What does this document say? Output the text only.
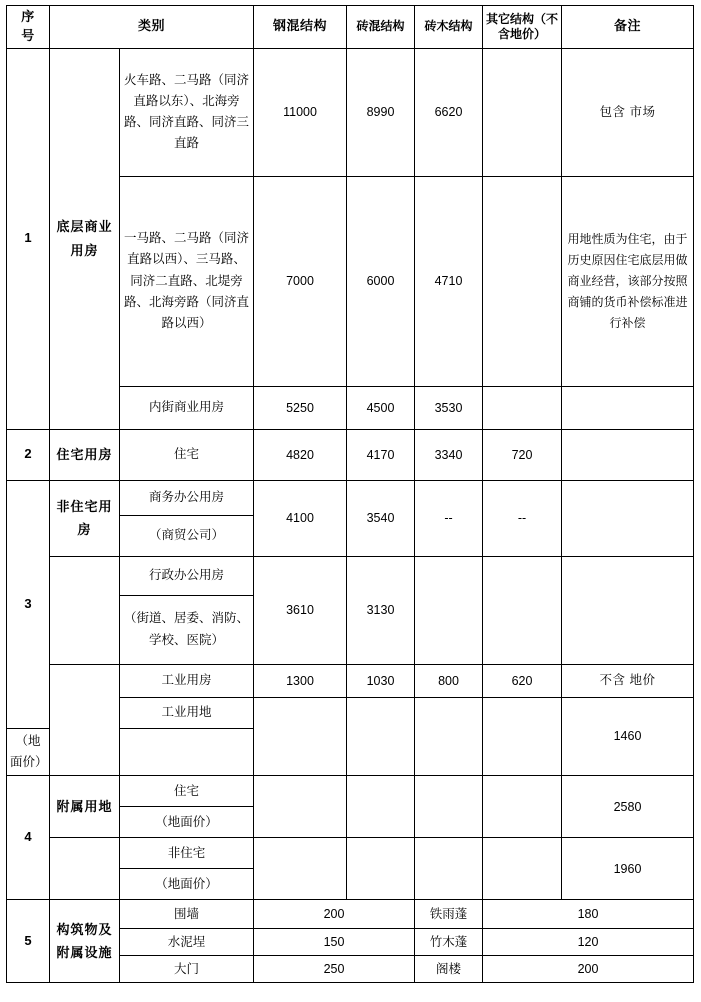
序
号	类别		钢混结构	砖混结构	砖木结构	其它结构（不含地价）	备注
1	底层商业用房	火车路、二马路（同济直路以东）、北海旁路、同济直路、同济三直路	11000	8990	6620		包含 市场
		一马路、二马路（同济直路以西）、三马路、同济二直路、北堤旁路、北海旁路（同济直路以西）	7000	6000	4710		用地性质为住宅，由于历史原因住宅底层用做商业经营，该部分按照商铺的货币补偿标准进行补偿
		内街商业用房	5250	4500	3530		
2	住宅用房	住宅	4820	4170	3340	720	
3	非住宅用房	商务办公用房	4100	3540	--	--	
		（商贸公司）					
		行政办公用房	3610	3130			
		（街道、居委、消防、学校、医院）					
		工业用房	1300	1030	800	620	不含 地价
		工业用地					1460
（地面价）							
4	附属用地	住宅					2580
		（地面价）					
		非住宅					1960
		（地面价）					
5	构筑物及附属设施	围墙	200		铁雨蓬	180	
		水泥埕	150		竹木蓬	120	
		大门	250		阁楼	200	
